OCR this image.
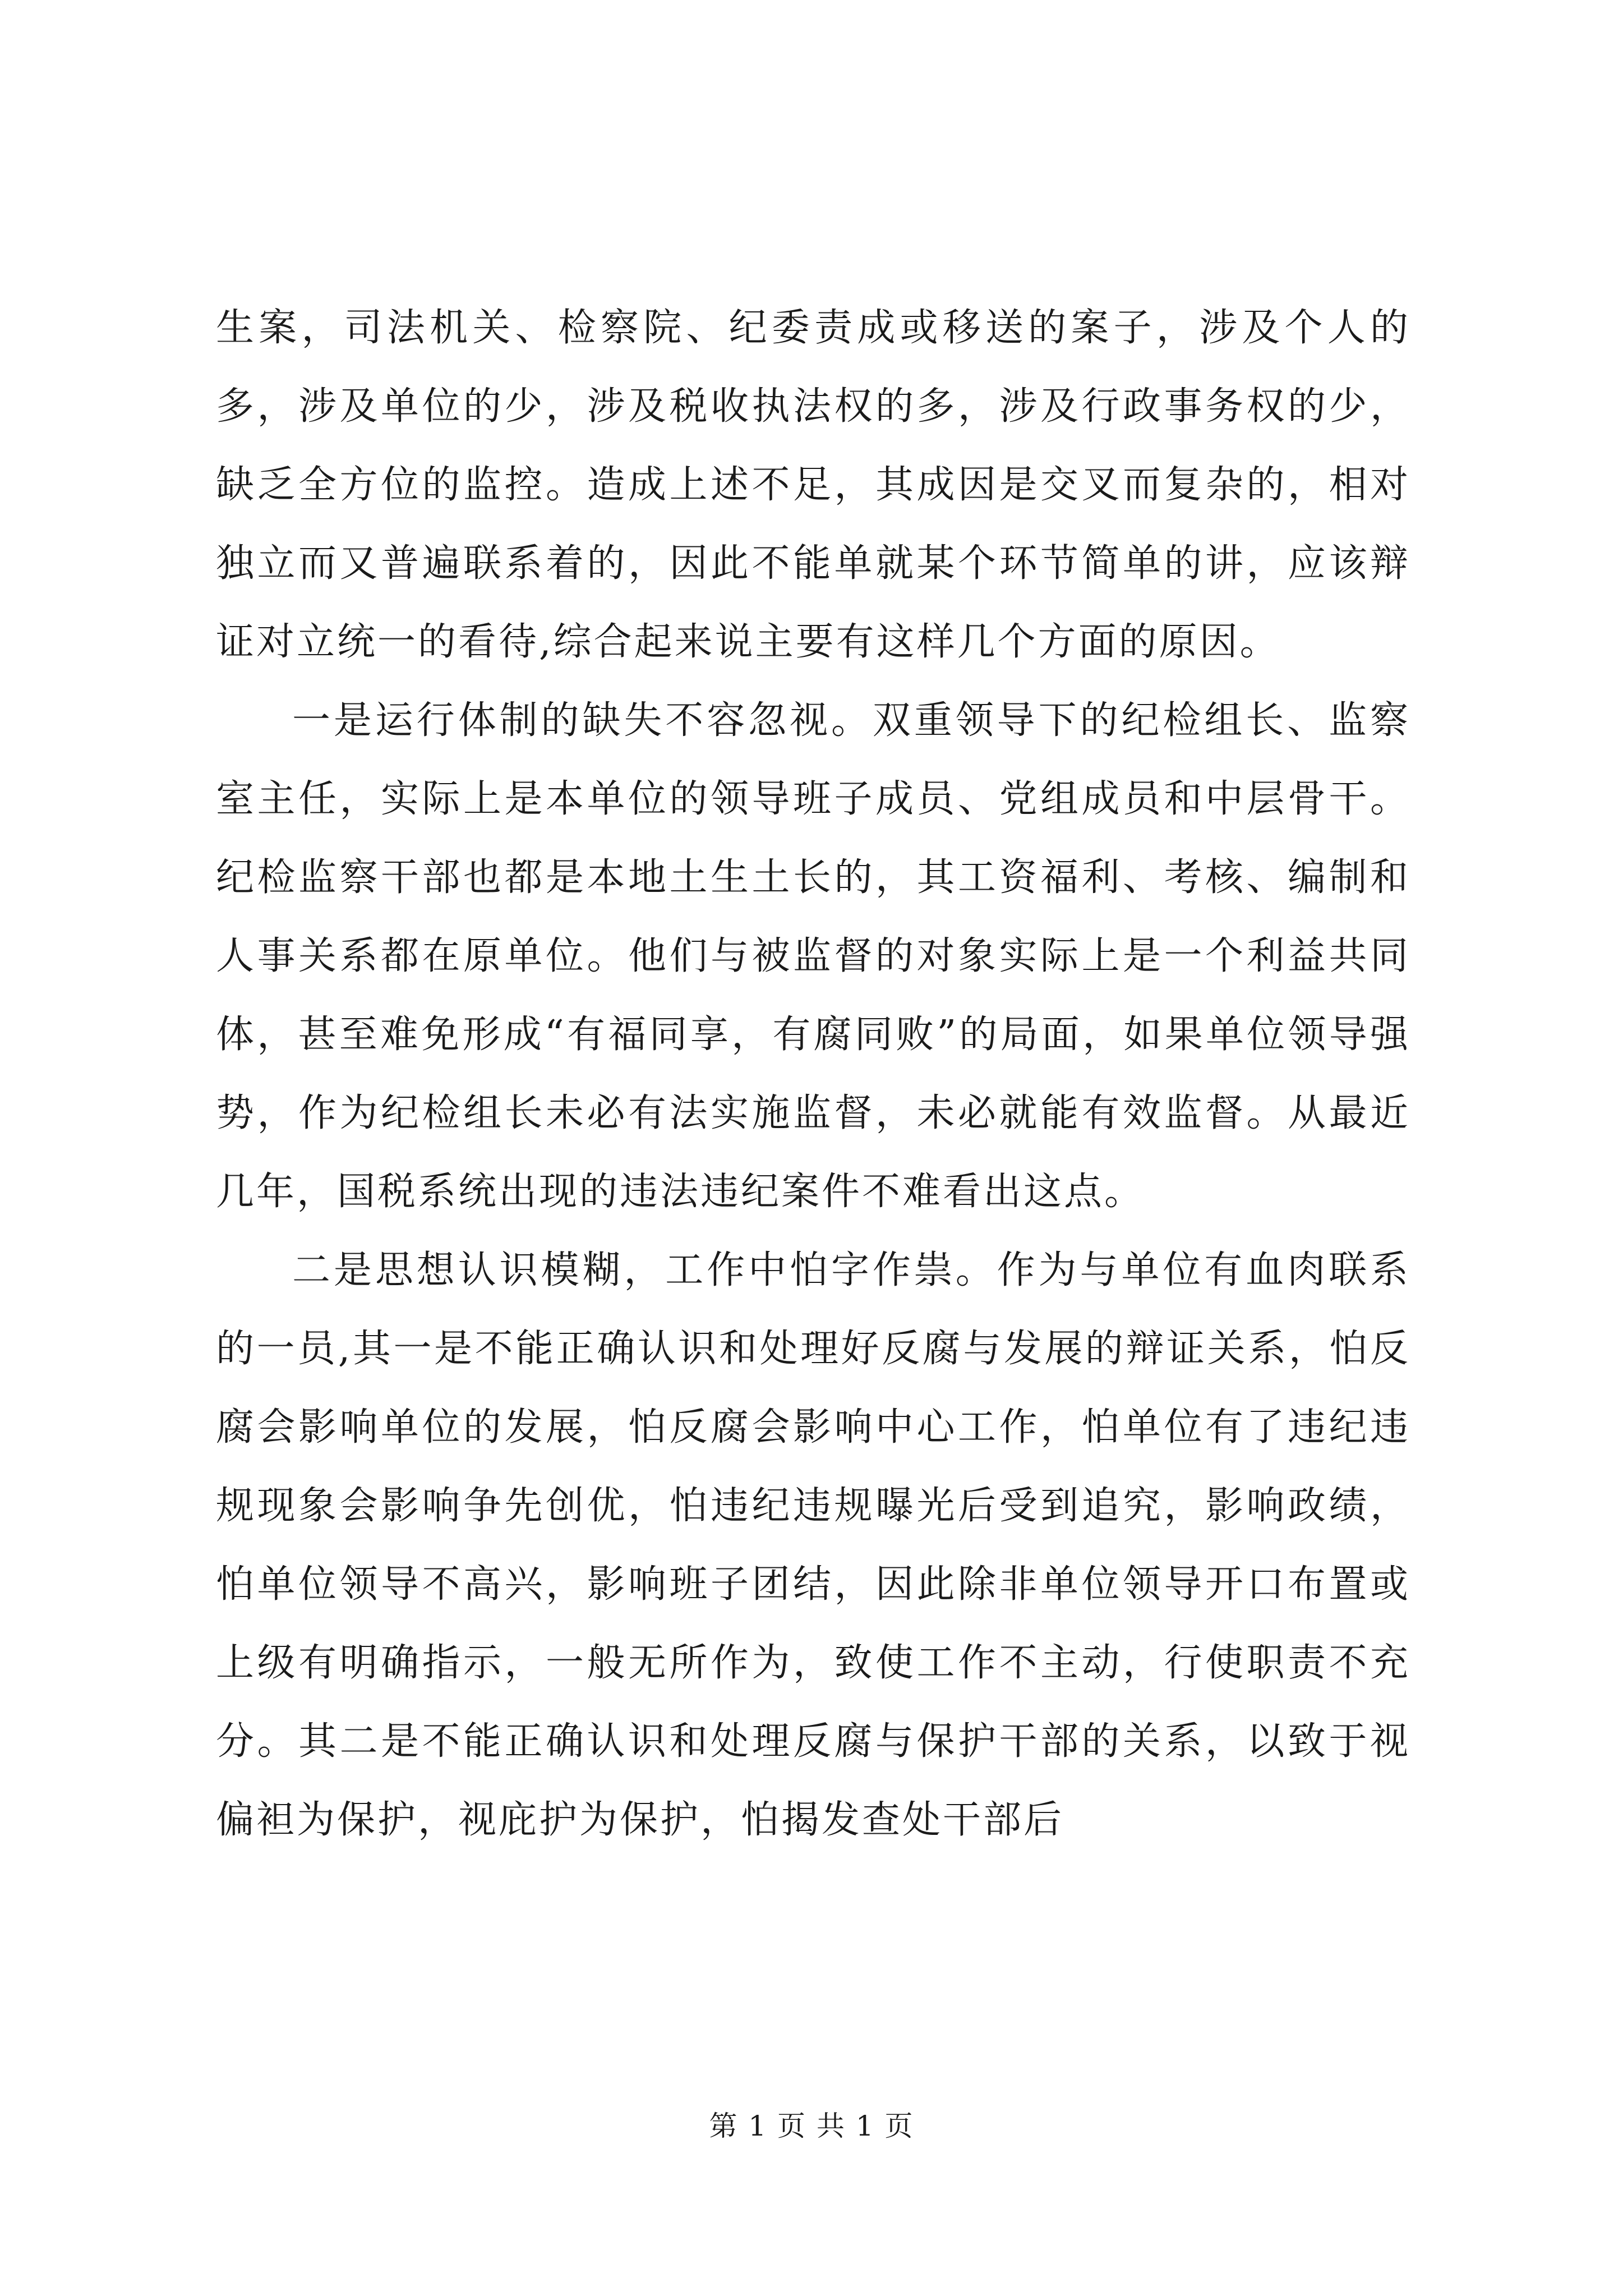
生案，司法机关、检察院、纪委责成或移送的案子，涉及个人的多，涉及单位的少，涉及税收执法权的多，涉及行政事务权的少，缺乏全方位的监控。造成上述不足，其成因是交叉而复杂的，相对独立而又普遍联系着的，因此不能单就某个环节简单的讲，应该辩证对立统一的看待,综合起来说主要有这样几个方面的原因。

一是运行体制的缺失不容忽视。双重领导下的纪检组长、监察室主任，实际上是本单位的领导班子成员、党组成员和中层骨干。纪检监察干部也都是本地土生土长的，其工资福利、考核、编制和人事关系都在原单位。他们与被监督的对象实际上是一个利益共同体，甚至难免形成“有福同享，有腐同败”的局面，如果单位领导强势，作为纪检组长未必有法实施监督，未必就能有效监督。从最近几年，国税系统出现的违法违纪案件不难看出这点。

二是思想认识模糊，工作中怕字作祟。作为与单位有血肉联系的一员,其一是不能正确认识和处理好反腐与发展的辩证关系，怕反腐会影响单位的发展，怕反腐会影响中心工作，怕单位有了违纪违规现象会影响争先创优，怕违纪违规曝光后受到追究，影响政绩，怕单位领导不高兴，影响班子团结，因此除非单位领导开口布置或上级有明确指示，一般无所作为，致使工作不主动，行使职责不充分。其二是不能正确认识和处理反腐与保护干部的关系，以致于视偏袒为保护，视庇护为保护，怕揭发查处干部后

第 1 页 共 1 页
